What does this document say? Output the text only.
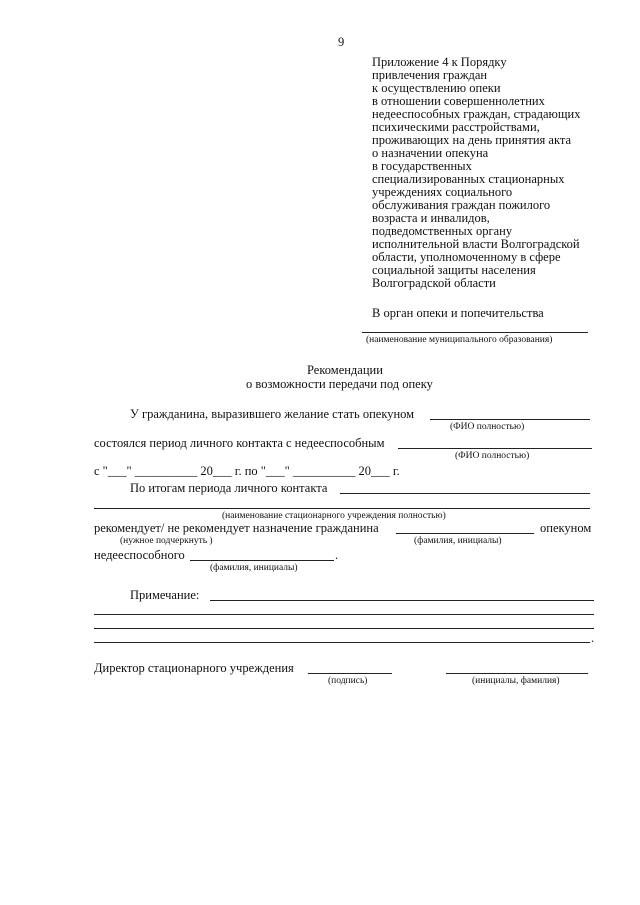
9
Приложение 4 к Порядку
привлечения граждан
к осуществлению опеки
в отношении совершеннолетних
недееспособных граждан, страдающих
психическими расстройствами,
проживающих на день принятия акта
о назначении опекуна
в государственных
специализированных стационарных
учреждениях социального
обслуживания граждан пожилого
возраста и инвалидов,
подведомственных органу
исполнительной власти Волгоградской
области, уполномоченному в сфере
социальной защиты населения
Волгоградской области
В орган опеки и попечительства
(наименование муниципального образования)
Рекомендации
о возможности передачи под опеку
У гражданина, выразившего желание стать опекуном
(ФИО полностью)
состоялся период личного контакта с недееспособным
(ФИО полностью)
с "___" __________ 20___ г. по "___" __________ 20___ г.
По итогам периода личного контакта
(наименование стационарного учреждения полностью)
рекомендует/ не рекомендует назначение гражданина	опекуном
(нужное подчеркнуть )	(фамилия, инициалы)
недееспособного	.
(фамилия, инициалы)
Примечание:
.
Директор стационарного учреждения
(подпись)	(инициалы, фамилия)
